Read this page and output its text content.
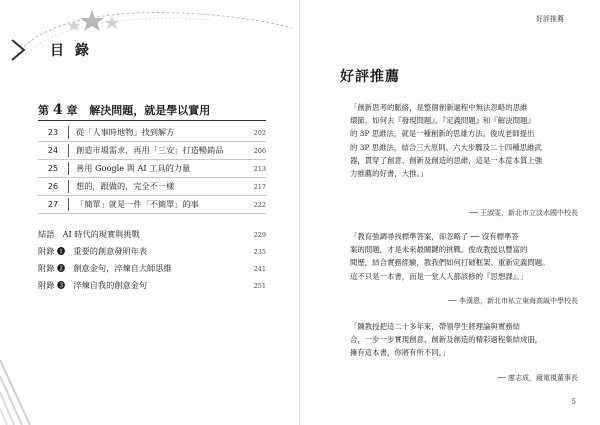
目 錄
第 4 章 解決問題，就是學以實用
23	從「人事時地物」找到解方	202
24	創造市場需求，再用「三安」打造暢銷品	206
25	善用 Google 與 AI 工具的力量	213
26	想的，跟做的，完全不一樣	217
27	「簡單」就是一件「不簡單」的事	222
結語　AI 時代的現實與挑戰	229
附錄 ❶　重要的創意發明年表	235
附錄 ❷　創意金句，淬煉自大師思維	241
附錄 ❸　淬煉自我的創意金句	251
好評推薦
好評推薦

「創新思考的脈絡，是整個創新過程中無法忽略的思維

環節，如何去『發現問題』、『定義問題』和『解決問題』

的 3P 思維法，就是一種創新的思維方法。俊成老師提出

的 3P 思維法，結合三大原則、六大步驟及二十四種思維武

器，貫穿了創意、創新及創造的思維，這是一本從本質上強

力推薦的好書，大推。」

── 王淑雯，新北市立淡水國中校長

「教育強調尋找標準答案，卻忽略了 ── 沒有標準答

案的問題，才是未來最關鍵的挑戰。俊成教授以豐富的

閱歷，結合實務經驗，教我們如何打破框架、重新定義問題。

這不只是一本書，而是一堂人人都該修的『思想課』。」

── 李漢恩，新北市私立東海高級中學校長

「陳教授把這二十多年來，帶領學生將理論與實務結

合，一步一步實現創意、創新及創造的精彩過程集結成冊，

擁有這本書，你將有所不同。」

── 廖志成，鏡電視董事長
5
